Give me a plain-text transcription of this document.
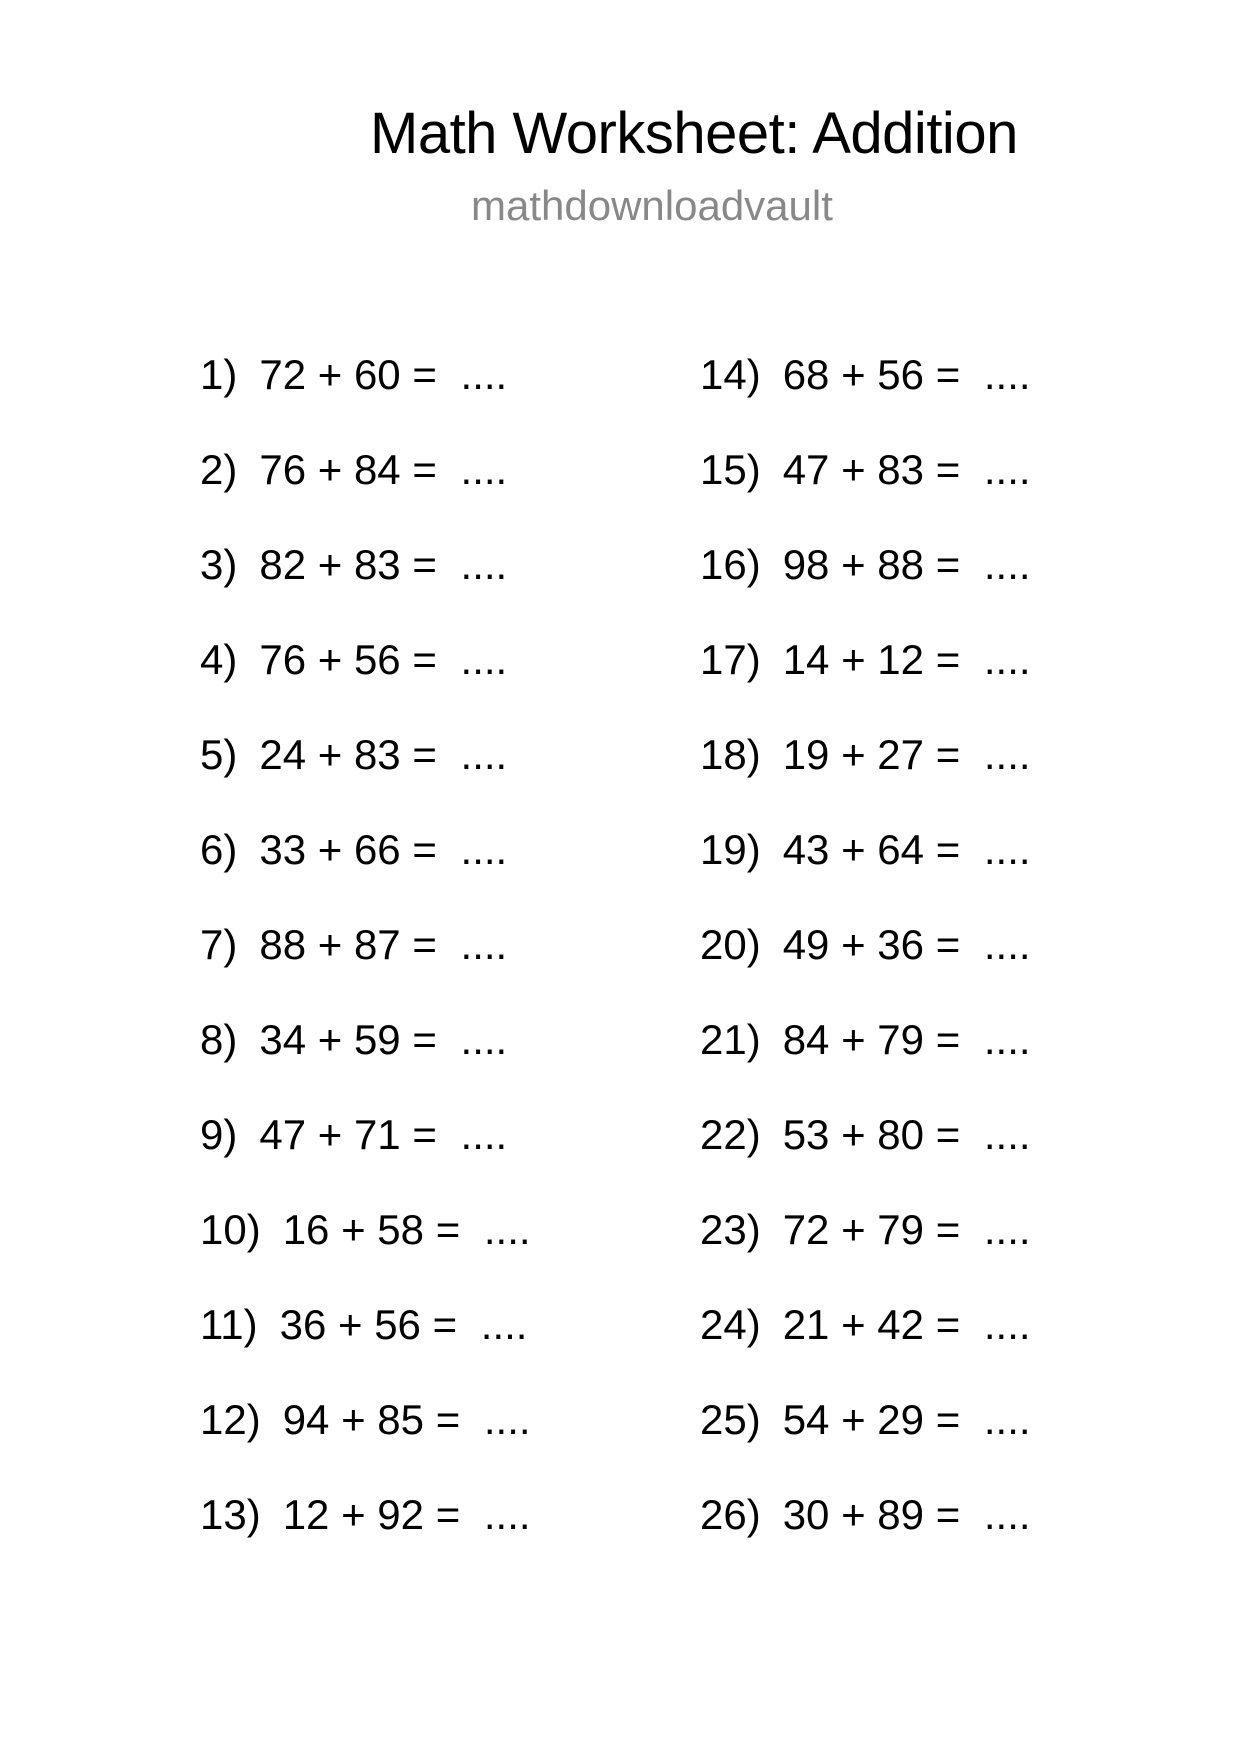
Math Worksheet: Addition
mathdownloadvault
1) 72 + 60 = ....
2) 76 + 84 = ....
3) 82 + 83 = ....
4) 76 + 56 = ....
5) 24 + 83 = ....
6) 33 + 66 = ....
7) 88 + 87 = ....
8) 34 + 59 = ....
9) 47 + 71 = ....
10) 16 + 58 = ....
11) 36 + 56 = ....
12) 94 + 85 = ....
13) 12 + 92 = ....
14) 68 + 56 = ....
15) 47 + 83 = ....
16) 98 + 88 = ....
17) 14 + 12 = ....
18) 19 + 27 = ....
19) 43 + 64 = ....
20) 49 + 36 = ....
21) 84 + 79 = ....
22) 53 + 80 = ....
23) 72 + 79 = ....
24) 21 + 42 = ....
25) 54 + 29 = ....
26) 30 + 89 = ....
